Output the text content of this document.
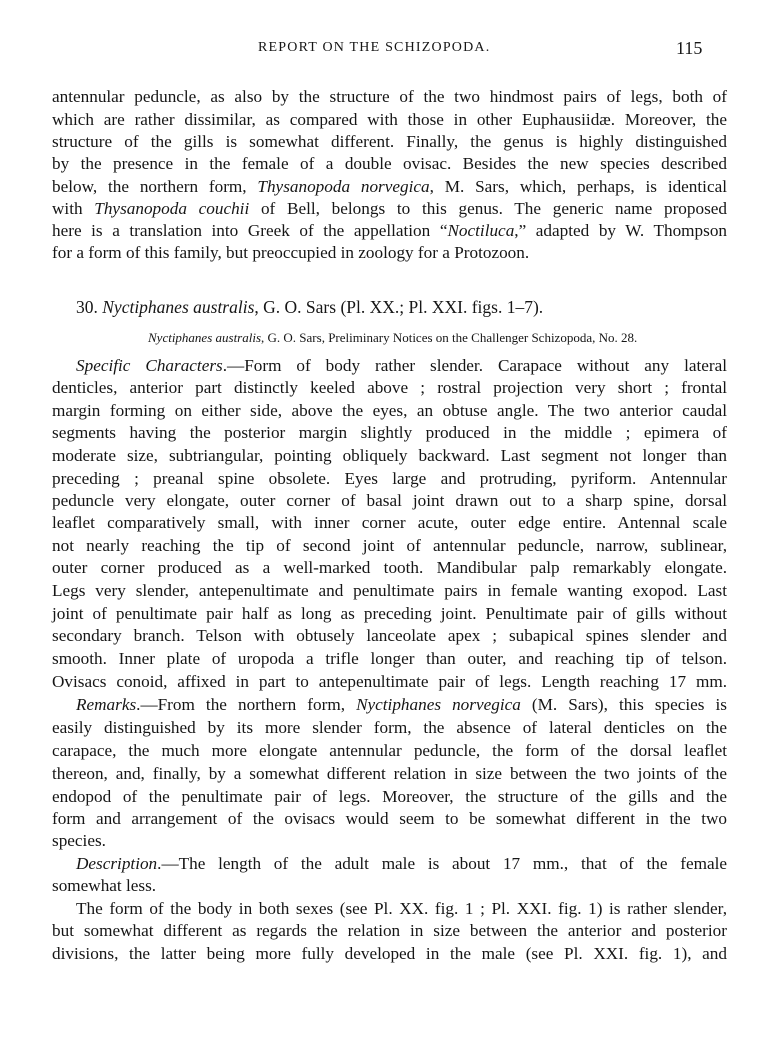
REPORT ON THE SCHIZOPODA.	115
antennular peduncle, as also by the structure of the two hindmost pairs of legs, both of
which are rather dissimilar, as compared with those in other Euphausiidæ. Moreover, the
structure of the gills is somewhat different. Finally, the genus is highly distinguished
by the presence in the female of a double ovisac. Besides the new species described
below, the northern form, Thysanopoda norvegica, M. Sars, which, perhaps, is identical
with Thysanopoda couchii of Bell, belongs to this genus. The generic name proposed
here is a translation into Greek of the appellation “Noctiluca,” adapted by W. Thompson
for a form of this family, but preoccupied in zoology for a Protozoon.
30. Nyctiphanes australis, G. O. Sars (Pl. XX.; Pl. XXI. figs. 1–7).
Nyctiphanes australis, G. O. Sars, Preliminary Notices on the Challenger Schizopoda, No. 28.
Specific Characters.—Form of body rather slender. Carapace without any lateral
denticles, anterior part distinctly keeled above ; rostral projection very short ; frontal
margin forming on either side, above the eyes, an obtuse angle. The two anterior caudal
segments having the posterior margin slightly produced in the middle ; epimera of
moderate size, subtriangular, pointing obliquely backward. Last segment not longer than
preceding ; preanal spine obsolete. Eyes large and protruding, pyriform. Antennular
peduncle very elongate, outer corner of basal joint drawn out to a sharp spine, dorsal
leaflet comparatively small, with inner corner acute, outer edge entire. Antennal scale
not nearly reaching the tip of second joint of antennular peduncle, narrow, sublinear,
outer corner produced as a well-marked tooth. Mandibular palp remarkably elongate.
Legs very slender, antepenultimate and penultimate pairs in female wanting exopod. Last
joint of penultimate pair half as long as preceding joint. Penultimate pair of gills without
secondary branch. Telson with obtusely lanceolate apex ; subapical spines slender and
smooth. Inner plate of uropoda a trifle longer than outer, and reaching tip of telson.
Ovisacs conoid, affixed in part to antepenultimate pair of legs. Length reaching 17 mm.
Remarks.—From the northern form, Nyctiphanes norvegica (M. Sars), this species is
easily distinguished by its more slender form, the absence of lateral denticles on the
carapace, the much more elongate antennular peduncle, the form of the dorsal leaflet
thereon, and, finally, by a somewhat different relation in size between the two joints of the
endopod of the penultimate pair of legs. Moreover, the structure of the gills and the
form and arrangement of the ovisacs would seem to be somewhat different in the two
species.
Description.—The length of the adult male is about 17 mm., that of the female
somewhat less.
The form of the body in both sexes (see Pl. XX. fig. 1 ; Pl. XXI. fig. 1) is rather slender,
but somewhat different as regards the relation in size between the anterior and posterior
divisions, the latter being more fully developed in the male (see Pl. XXI. fig. 1), and
